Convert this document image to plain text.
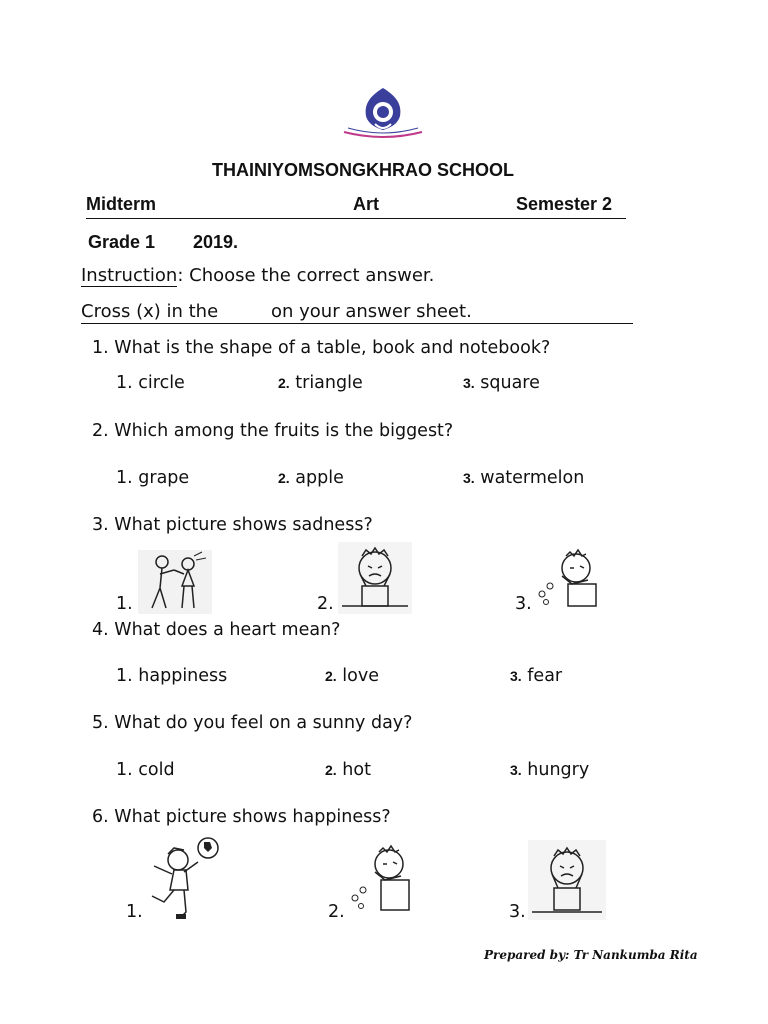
THAINIYOMSONGKHRAO SCHOOL
Midterm	Art	Semester 2
Grade 1 2019.
Instruction: Choose the correct answer.
Cross (x) in the	on your answer sheet.
1. What is the shape of a table, book and notebook?
1. circle	2. triangle	3. square
2. Which among the fruits is the biggest?
1. grape	2. apple	3. watermelon
3. What picture shows sadness?
1.	2.	3.
4. What does a heart mean?
1. happiness	2. love	3. fear
5. What do you feel on a sunny day?
1. cold	2. hot	3. hungry
6. What picture shows happiness?
1.	2.	3.
Prepared by: Tr Nankumba Rita
